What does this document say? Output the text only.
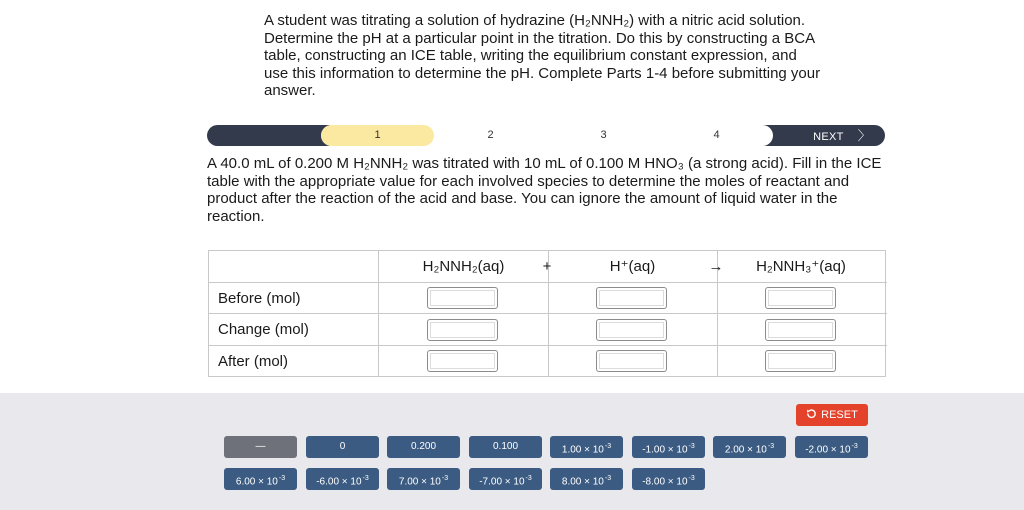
A student was titrating a solution of hydrazine (H₂NNH₂) with a nitric acid solution. Determine the pH at a particular point in the titration. Do this by constructing a BCA table, constructing an ICE table, writing the equilibrium constant expression, and use this information to determine the pH. Complete Parts 1-4 before submitting your answer.

1	2	3	4	NEXT 〉

A 40.0 mL of 0.200 M H₂NNH₂ was titrated with 10 mL of 0.100 M HNO₃ (a strong acid). Fill in the ICE table with the appropriate value for each involved species to determine the moles of reactant and product after the reaction of the acid and base. You can ignore the amount of liquid water in the reaction.

H₂NNH₂(aq)	+	H⁺(aq)	→	H₂NNH₃⁺(aq)
Before (mol)
Change (mol)
After (mol)
RESET
—	0	0.200	0.100	$1.00 \times 10^{-3}$	$-1.00 \times 10^{-3}$	$2.00 \times 10^{-3}$	$-2.00 \times 10^{-3}$
$6.00 \times 10^{-3}$	$-6.00 \times 10^{-3}$	$7.00 \times 10^{-3}$	$-7.00 \times 10^{-3}$	$8.00 \times 10^{-3}$	$-8.00 \times 10^{-3}$
